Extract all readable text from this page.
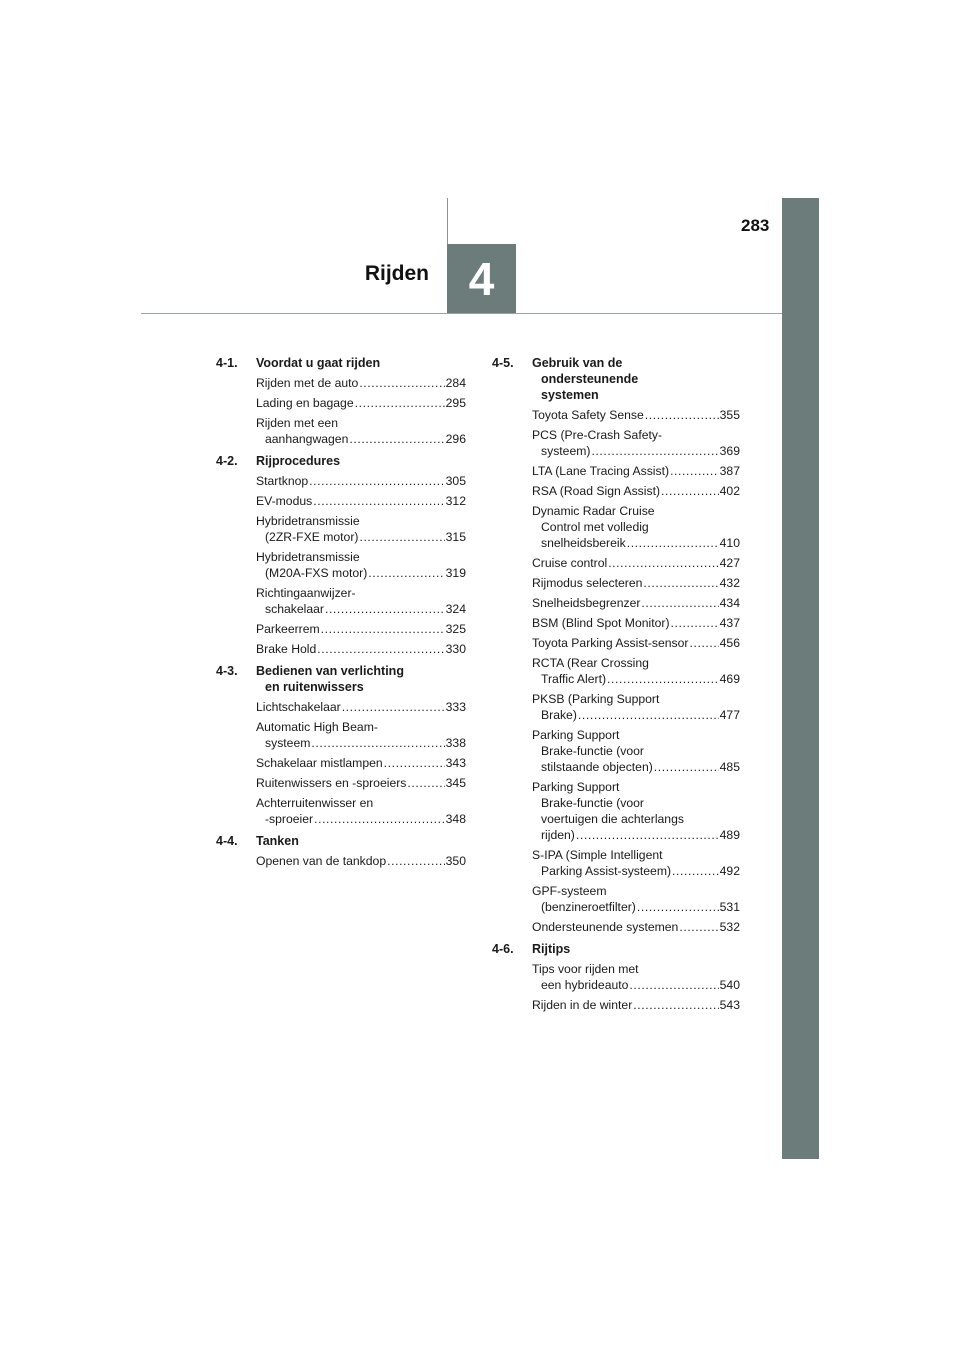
4
Rijden
283
4-1.	Voordat u gaat rijden
Rijden met de auto .....	284
Lading en bagage .....	295
Rijden met een
aanhangwagen .....	296
4-2.	Rijprocedures
Startknop .....	305
EV-modus .....	312
Hybridetransmissie
(2ZR-FXE motor) .....	315
Hybridetransmissie
(M20A-FXS motor) .....	319
Richtingaanwijzer-
schakelaar .....	324
Parkeerrem .....	325
Brake Hold .....	330
4-3.	Bedienen van verlichting
en ruitenwissers
Lichtschakelaar .....	333
Automatic High Beam-
systeem .....	338
Schakelaar mistlampen .....	343
Ruitenwissers en -sproeiers .....	345
Achterruitenwisser en
-sproeier .....	348
4-4.	Tanken
Openen van de tankdop .....	350
4-5.	Gebruik van de
ondersteunende
systemen
Toyota Safety Sense .....	355
PCS (Pre-Crash Safety-
systeem) .....	369
LTA (Lane Tracing Assist) .....	387
RSA (Road Sign Assist) .....	402
Dynamic Radar Cruise
Control met volledig
snelheidsbereik .....	410
Cruise control .....	427
Rijmodus selecteren .....	432
Snelheidsbegrenzer .....	434
BSM (Blind Spot Monitor) .....	437
Toyota Parking Assist-sensor .....	456
RCTA (Rear Crossing
Traffic Alert) .....	469
PKSB (Parking Support
Brake) .....	477
Parking Support
Brake-functie (voor
stilstaande objecten) .....	485
Parking Support
Brake-functie (voor
voertuigen die achterlangs
rijden) .....	489
S-IPA (Simple Intelligent
Parking Assist-systeem) .....	492
GPF-systeem
(benzineroetfilter) .....	531
Ondersteunende systemen .....	532
4-6.	Rijtips
Tips voor rijden met
een hybrideauto .....	540
Rijden in de winter .....	543
